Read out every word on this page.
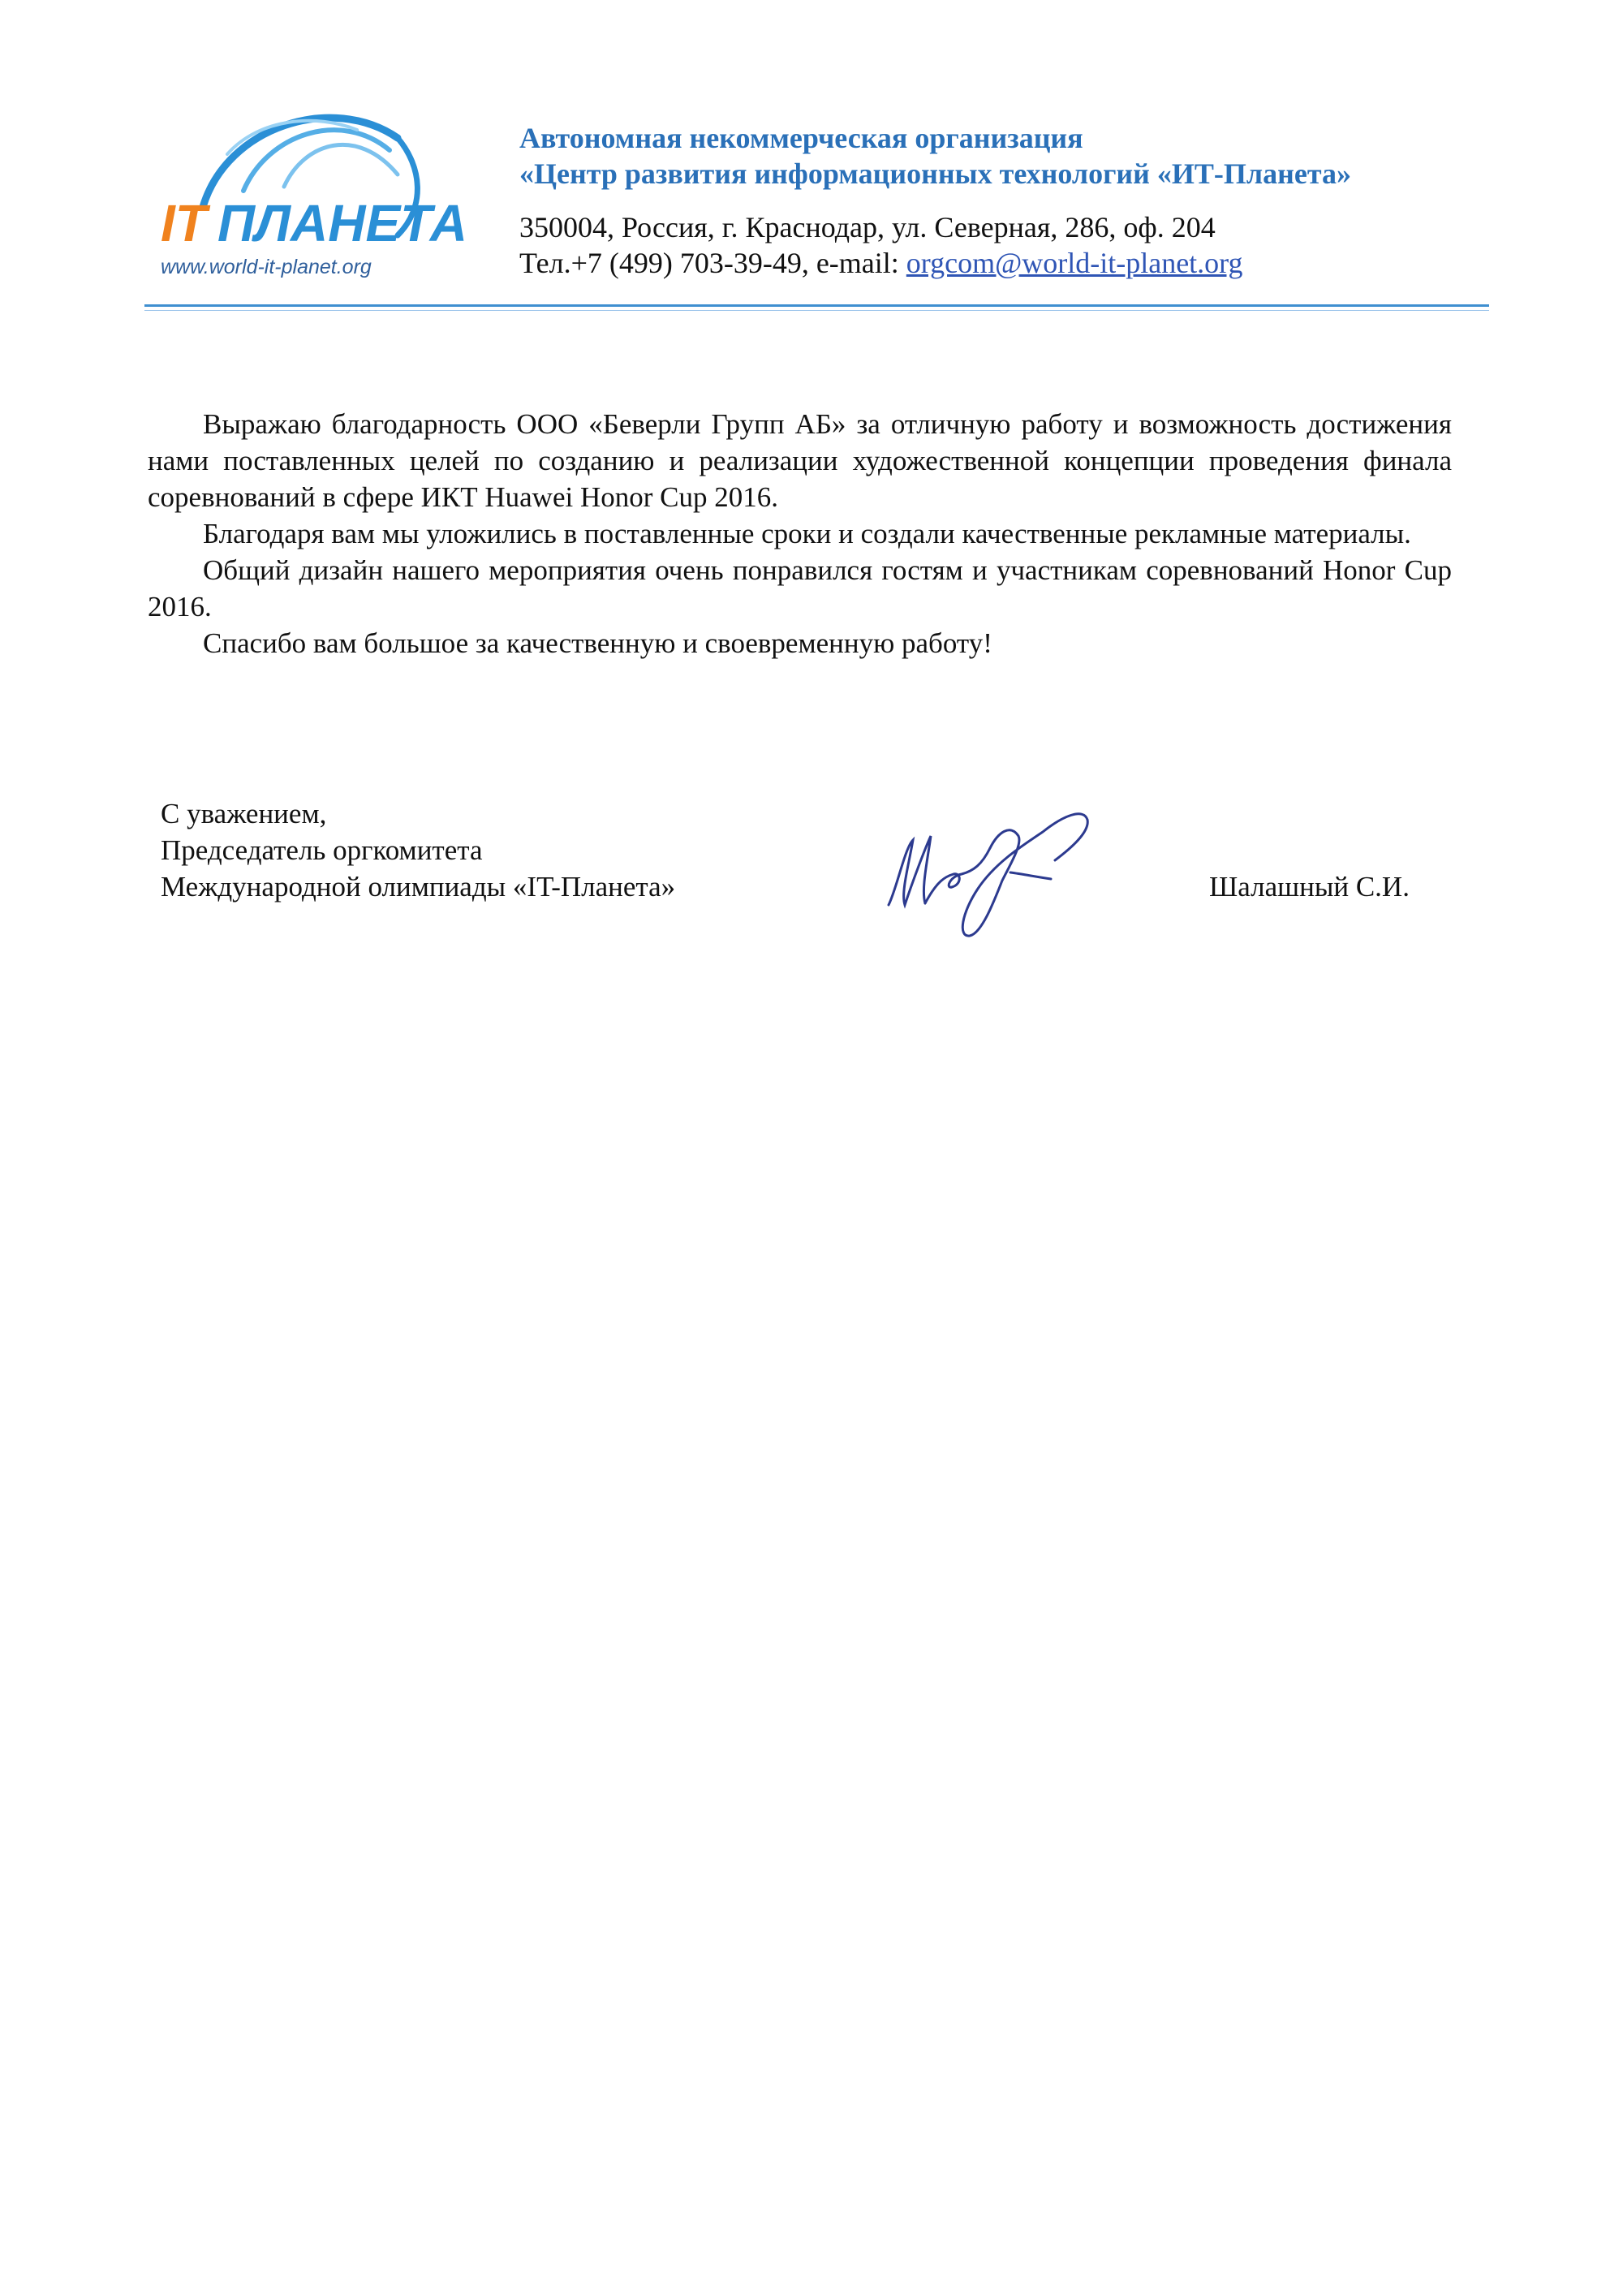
IT ПЛАНЕТА
www.world-it-planet.org
Автономная некоммерческая организация
«Центр развития информационных технологий «ИТ-Планета»
350004, Россия, г. Краснодар, ул. Северная, 286, оф. 204
Тел.+7 (499) 703-39-49, e-mail: orgcom@world-it-planet.org

Выражаю благодарность ООО «Беверли Групп АБ» за отличную работу и возможность достижения нами поставленных целей по созданию и реализации художественной концепции проведения финала соревнований в сфере ИКТ Huawei Honor Cup 2016.

Благодаря вам мы уложились в поставленные сроки и создали качественные рекламные материалы.

Общий дизайн нашего мероприятия очень понравился гостям и участникам соревнований Honor Cup 2016.

Спасибо вам большое за качественную и своевременную работу!

С уважением,
Председатель оргкомитета
Международной олимпиады «IT-Планета»	Шалашный С.И.
